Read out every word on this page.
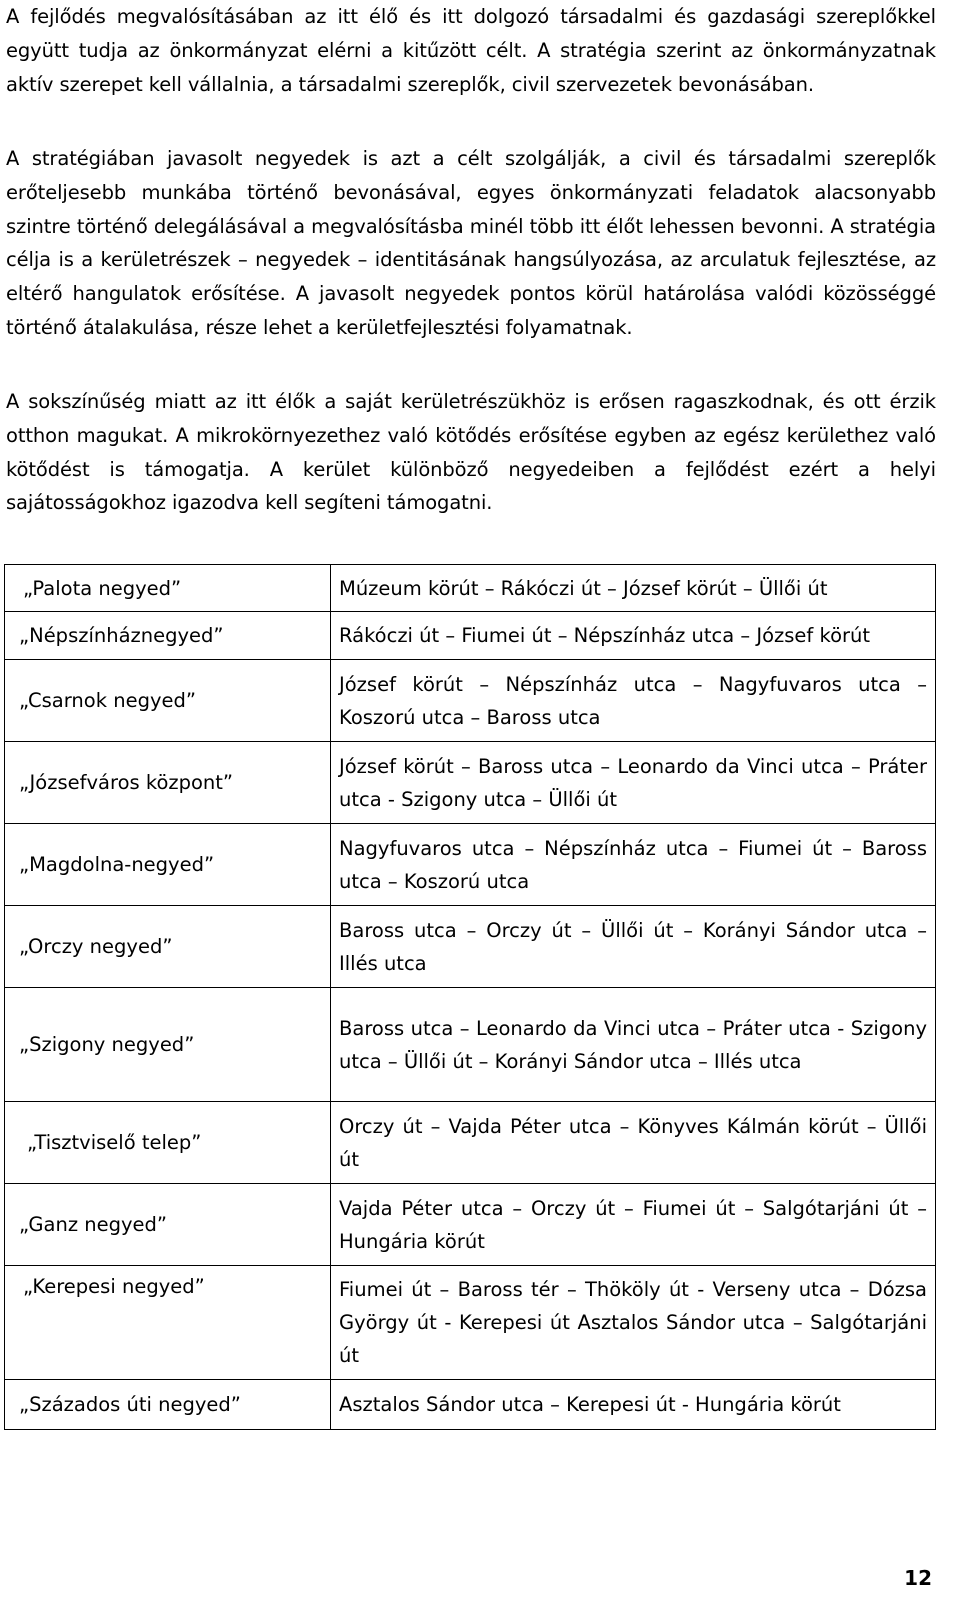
A fejlődés megvalósításában az itt élő és itt dolgozó társadalmi és gazdasági szereplőkkel együtt tudja az önkormányzat elérni a kitűzött célt. A stratégia szerint az önkormányzatnak aktív szerepet kell vállalnia, a társadalmi szereplők, civil szervezetek bevonásában.

A stratégiában javasolt negyedek is azt a célt szolgálják, a civil és társadalmi szereplők erőteljesebb munkába történő bevonásával, egyes önkormányzati feladatok alacsonyabb szintre történő delegálásával a megvalósításba minél több itt élőt lehessen bevonni. A stratégia célja is a kerületrészek – negyedek – identitásának hangsúlyozása, az arculatuk fejlesztése, az eltérő hangulatok erősítése. A javasolt negyedek pontos körül határolása valódi közösséggé történő átalakulása, része lehet a kerületfejlesztési folyamatnak.

A sokszínűség miatt az itt élők a saját kerületrészükhöz is erősen ragaszkodnak, és ott érzik otthon magukat. A mikrokörnyezethez való kötődés erősítése egyben az egész kerülethez való kötődést is támogatja. A kerület különböző negyedeiben a fejlődést ezért a helyi sajátosságokhoz igazodva kell segíteni támogatni.

„Palota negyed”	Múzeum körút – Rákóczi út – József körút – Üllői út
„Népszínháznegyed”	Rákóczi út – Fiumei út – Népszínház utca – József körút
„Csarnok negyed”	József körút – Népszínház utca – Nagyfuvaros utca – Koszorú utca – Baross utca
„Józsefváros központ”	József körút – Baross utca – Leonardo da Vinci utca – Práter utca - Szigony utca – Üllői út
„Magdolna-negyed”	Nagyfuvaros utca – Népszínház utca – Fiumei út – Baross utca – Koszorú utca
„Orczy negyed”	Baross utca – Orczy út – Üllői út – Korányi Sándor utca – Illés utca
„Szigony negyed”	Baross utca – Leonardo da Vinci utca – Práter utca - Szigony utca – Üllői út – Korányi Sándor utca – Illés utca
„Tisztviselő telep”	Orczy út – Vajda Péter utca – Könyves Kálmán körút – Üllői út
„Ganz negyed”	Vajda Péter utca – Orczy út – Fiumei út – Salgótarjáni út – Hungária körút
„Kerepesi negyed”	Fiumei út – Baross tér – Thököly út - Verseny utca – Dózsa György út - Kerepesi út Asztalos Sándor utca – Salgótarjáni út
„Százados úti negyed”	Asztalos Sándor utca – Kerepesi út - Hungária körút
12
